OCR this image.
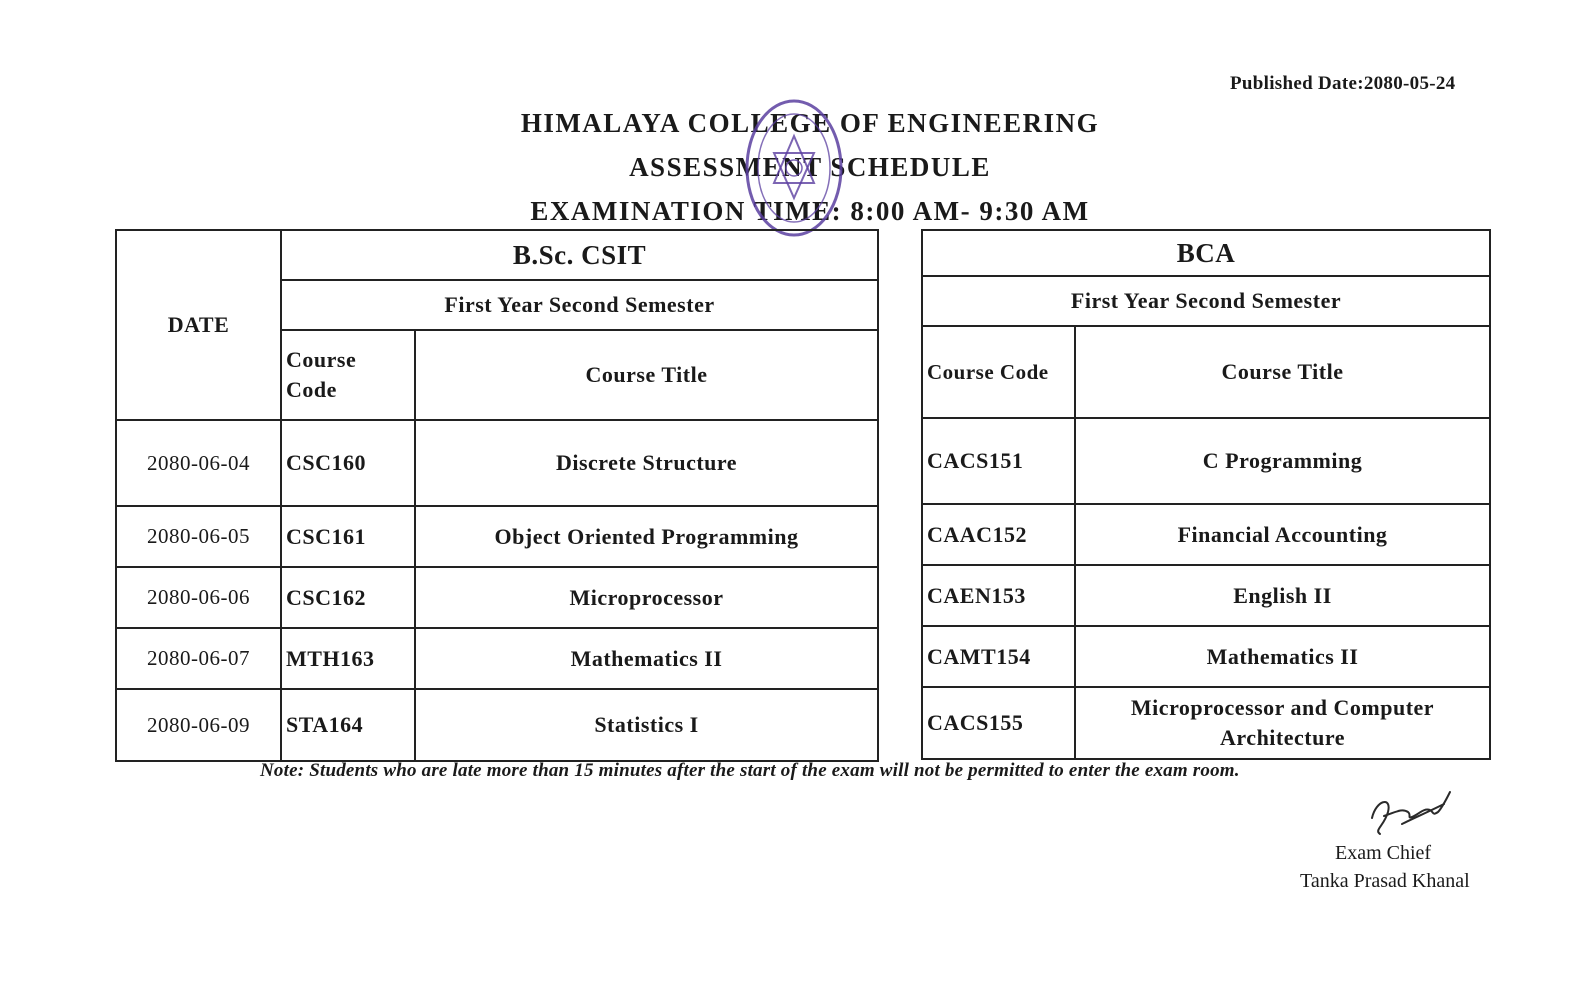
Published Date:2080-05-24
HIMALAYA COLLEGE OF ENGINEERING
ASSESSMENT SCHEDULE
EXAMINATION TIME: 8:00 AM- 9:30 AM
DATE	B.Sc. CSIT	
	First Year Second Semester	
	Course Code	Course Title
2080-06-04	CSC160	Discrete Structure
2080-06-05	CSC161	Object Oriented Programming
2080-06-06	CSC162	Microprocessor
2080-06-07	MTH163	Mathematics II
2080-06-09	STA164	Statistics I
BCA	
First Year Second Semester	
Course Code	Course Title
CACS151	C Programming
CAAC152	Financial Accounting
CAEN153	English II
CAMT154	Mathematics II
CACS155	Microprocessor and Computer Architecture
Note: Students who are late more than 15 minutes after the start of the exam will not be permitted to enter the exam room.
Exam Chief
Tanka Prasad Khanal
